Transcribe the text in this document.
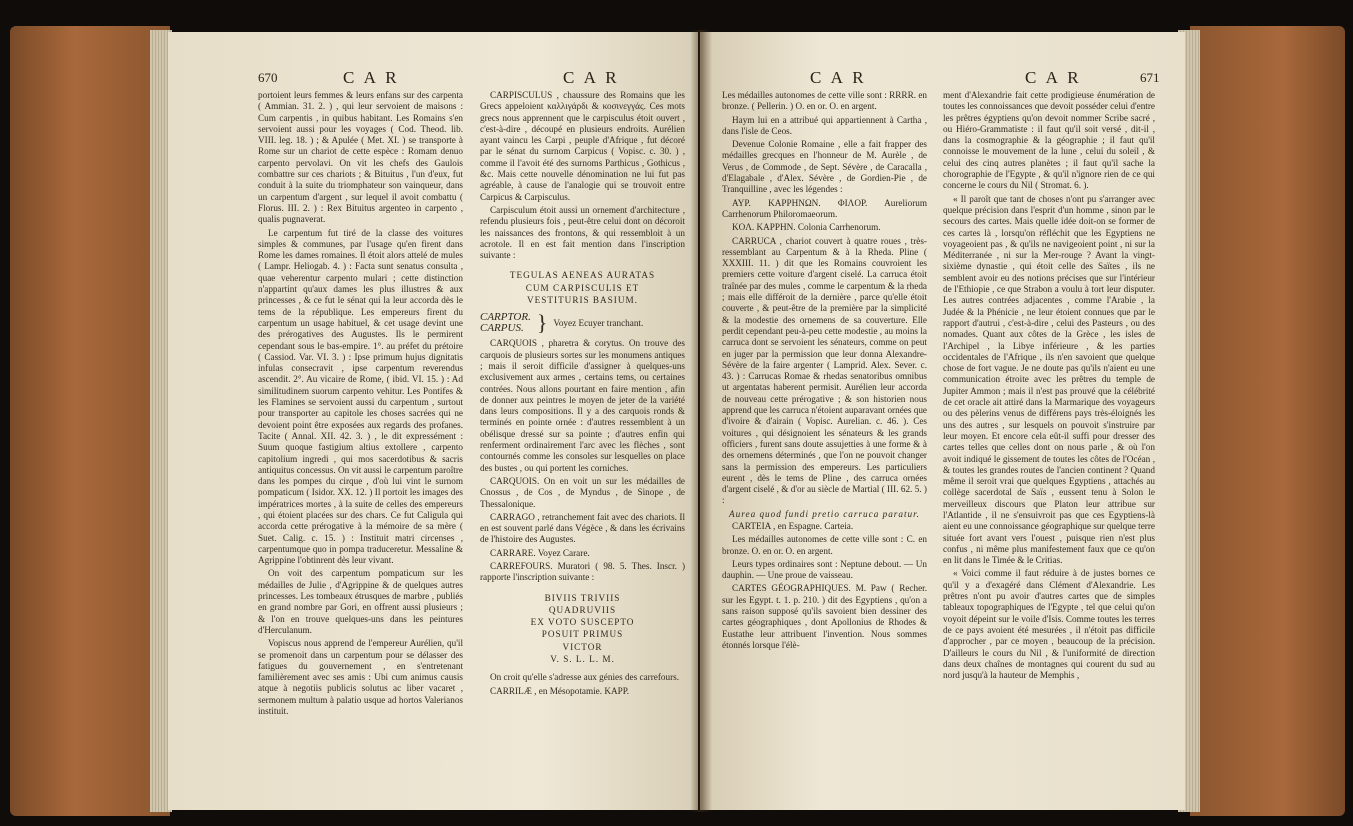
670	C A R	C A R

portoient leurs femmes & leurs enfans sur des carpenta ( Ammian. 31. 2. ) , qui leur servoient de maisons : Cum carpentis , in quibus habitant. Les Romains s'en servoient aussi pour les voyages ( Cod. Theod. lib. VIII. leg. 18. ) ; & Apulée ( Met. XI. ) se transporte à Rome sur un chariot de cette espèce : Romam denuo carpento pervolavi. On vit les chefs des Gaulois combattre sur ces chariots ; & Bituitus , l'un d'eux, fut conduit à la suite du triomphateur son vainqueur, dans un carpentum d'argent , sur lequel il avoit combattu ( Florus. III. 2. ) : Rex Bituitus argenteo in carpento , qualis pugnaverat.

Le carpentum fut tiré de la classe des voitures simples & communes, par l'usage qu'en firent dans Rome les dames romaines. Il étoit alors attelé de mules ( Lampr. Heliogab. 4. ) : Facta sunt senatus consulta , quae veherentur carpento mulari ; cette distinction n'appartint qu'aux dames les plus illustres & aux princesses , & ce fut le sénat qui la leur accorda dès le tems de la république. Les empereurs firent du carpentum un usage habituel, & cet usage devint une des prérogatives des Augustes. Ils le permirent cependant sous le bas-empire. 1°. au préfet du prétoire ( Cassiod. Var. VI. 3. ) : Ipse primum hujus dignitatis infulas consecravit , ipse carpentum reverendus ascendit. 2°. Au vicaire de Rome, ( ibid. VI. 15. ) : Ad similitudinem suorum carpento vehitur. Les Pontifes & les Flamines se servoient aussi du carpentum , surtout pour transporter au capitole les choses sacrées qui ne devoient point être exposées aux regards des profanes. Tacite ( Annal. XII. 42. 3. ) , le dit expressément : Suum quoque fastigium altius extollere , carpento capitolium ingredi , qui mos sacerdotibus & sacris antiquitus concessus. On vit aussi le carpentum paroître dans les pompes du cirque , d'où lui vint le surnom pompaticum ( Isidor. XX. 12. ) Il portoit les images des impératrices mortes , à la suite de celles des empereurs , qui étoient placées sur des chars. Ce fut Caligula qui accorda cette prérogative à la mémoire de sa mère ( Suet. Calig. c. 15. ) : Instituit matri circenses , carpentumque quo in pompa traduceretur. Messaline & Agrippine l'obtinrent dès leur vivant.

On voit des carpentum pompaticum sur les médailles de Julie , d'Agrippine & de quelques autres princesses. Les tombeaux étrusques de marbre , publiés en grand nombre par Gori, en offrent aussi plusieurs ; & l'on en trouve quelques-uns dans les peintures d'Herculanum.

Vopiscus nous apprend de l'empereur Aurélien, qu'il se promenoit dans un carpentum pour se délasser des fatigues du gouvernement , en s'entretenant familièrement avec ses amis : Ubi cum animus causis atque à negotiis publicis solutus ac liber vacaret , sermonem multum à palatio usque ad hortos Valerianos instituit.

CARPISCULUS , chaussure des Romains que les Grecs appeloient καλλιγάρδι & κοσινεγγάς. Ces mots grecs nous apprennent que le carpisculus étoit ouvert , c'est-à-dire , découpé en plusieurs endroits. Aurélien ayant vaincu les Carpi , peuple d'Afrique , fut décoré par le sénat du surnom Carpicus ( Vopisc. c. 30. ) , comme il l'avoit été des surnoms Parthicus , Gothicus , &c. Mais cette nouvelle dénomination ne lui fut pas agréable, à cause de l'analogie qui se trouvoit entre Carpicus & Carpisculus.

Carpisculum étoit aussi un ornement d'architecture , refendu plusieurs fois , peut-être celui dont on décoroit les naissances des frontons, & qui ressembloit à un acrotole. Il en est fait mention dans l'inscription suivante :

TEGULAS AENEAS AURATAS

CUM CARPISCULIS ET

VESTITURIS BASIUM.

CARPTOR.
CARPUS. } Voyez Ecuyer tranchant.

CARQUOIS , pharetra & corytus. On trouve des carquois de plusieurs sortes sur les monumens antiques ; mais il seroit difficile d'assigner à quelques-uns exclusivement aux armes , certains tems, ou certaines contrées. Nous allons pourtant en faire mention , afin de donner aux peintres le moyen de jeter de la variété dans leurs compositions. Il y a des carquois ronds & terminés en pointe ornée : d'autres ressemblent à un obélisque dressé sur sa pointe ; d'autres enfin qui renferment ordinairement l'arc avec les flèches , sont contournés comme les consoles sur lesquelles on place des bustes , ou qui portent les corniches.

CARQUOIS. On en voit un sur les médailles de Cnossus , de Cos , de Myndus , de Sinope , de Thessalonique.

CARRAGO , retranchement fait avec des chariots. Il en est souvent parlé dans Végèce , & dans les écrivains de l'histoire des Augustes.

CARRARE. Voyez Carare.

CARREFOURS. Muratori ( 98. 5. Thes. Inscr. ) rapporte l'inscription suivante :

BIVIIS TRIVIIS

QUADRUVIIS

EX VOTO SUSCEPTO

POSUIT PRIMUS

VICTOR

V. S. L. L. M.

On croit qu'elle s'adresse aux génies des carrefours.

CARRILÆ , en Mésopotamie. KAPP.

C A R	C A R	671

Les médailles autonomes de cette ville sont : RRRR. en bronze. ( Pellerin. ) O. en or. O. en argent.

Haym lui en a attribué qui appartiennent à Cartha , dans l'isle de Ceos.

Devenue Colonie Romaine , elle a fait frapper des médailles grecques en l'honneur de M. Aurèle , de Verus , de Commode , de Sept. Sévère , de Caracalla , d'Elagabale , d'Alex. Sévère , de Gordien-Pie , de Tranquilline , avec les légendes :

AYP. KAPPHNΩN. ΦIΛOP. Aureliorum Carrhenorum Philoromaeorum.

KOΛ. KAPPHN. Colonia Carrhenorum.

CARRUCA , chariot couvert à quatre roues , très-ressemblant au Carpentum & à la Rheda. Pline ( XXXIII. 11. ) dit que les Romains couvroient les premiers cette voiture d'argent ciselé. La carruca étoit traînée par des mules , comme le carpentum & la rheda ; mais elle différoit de la dernière , parce qu'elle étoit couverte , & peut-être de la première par la simplicité & la modestie des ornemens de sa couverture. Elle perdit cependant peu-à-peu cette modestie , au moins la carruca dont se servoient les sénateurs, comme on peut en juger par la permission que leur donna Alexandre-Sévère de la faire argenter ( Lamprid. Alex. Sever. c. 43. ) : Carrucas Romae & rhedas senatoribus omnibus ut argentatas haberent permisit. Aurélien leur accorda de nouveau cette prérogative ; & son historien nous apprend que les carruca n'étoient auparavant ornées que d'ivoire & d'airain ( Vopisc. Aurelian. c. 46. ). Ces voitures , qui désignoient les sénateurs & les grands officiers , furent sans doute assujetties à une forme & à des ornemens déterminés , que l'on ne pouvoit changer sans la permission des empereurs. Les particuliers eurent , dès le tems de Pline , des carruca ornées d'argent ciselé , & d'or au siècle de Martial ( III. 62. 5. ) :

Aurea quod fundi pretio carruca paratur.

CARTEIA , en Espagne. Carteia.

Les médailles autonomes de cette ville sont : C. en bronze. O. en or. O. en argent.

Leurs types ordinaires sont : Neptune debout. — Un dauphin. — Une proue de vaisseau.

CARTES GÉOGRAPHIQUES. M. Paw ( Recher. sur les Egypt. t. 1. p. 210. ) dit des Egyptiens , qu'on a sans raison supposé qu'ils savoient bien dessiner des cartes géographiques , dont Apollonius de Rhodes & Eustathe leur attribuent l'invention. Nous sommes étonnés lorsque l'élè-

ment d'Alexandrie fait cette prodigieuse énumération de toutes les connoissances que devoit posséder celui d'entre les prêtres égyptiens qu'on devoit nommer Scribe sacré , ou Hiéro-Grammatiste : il faut qu'il soit versé , dit-il , dans la cosmographie & la géographie ; il faut qu'il connoisse le mouvement de la lune , celui du soleil , & celui des cinq autres planètes ; il faut qu'il sache la chorographie de l'Egypte , & qu'il n'ignore rien de ce qui concerne le cours du Nil ( Stromat. 6. ).

« Il paroît que tant de choses n'ont pu s'arranger avec quelque précision dans l'esprit d'un homme , sinon par le secours des cartes. Mais quelle idée doit-on se former de ces cartes là , lorsqu'on réfléchit que les Egyptiens ne voyageoient pas , & qu'ils ne navigeoient point , ni sur la Méditerranée , ni sur la Mer-rouge ? Avant la vingt-sixième dynastie , qui étoit celle des Saïtes , ils ne semblent avoir eu des notions précises que sur l'intérieur de l'Ethiopie , ce que Strabon a voulu à tort leur disputer. Les autres contrées adjacentes , comme l'Arabie , la Judée & la Phénicie , ne leur étoient connues que par le rapport d'autrui , c'est-à-dire , celui des Pasteurs , ou des nomades. Quant aux côtes de la Grèce , les isles de l'Archipel , la Libye inférieure , & les parties occidentales de l'Afrique , ils n'en savoient que quelque chose de fort vague. Je ne doute pas qu'ils n'aient eu une communication étroite avec les prêtres du temple de Jupiter Ammon ; mais il n'est pas prouvé que la célébrité de cet oracle ait attiré dans la Marmarique des voyageurs ou des pèlerins venus de différens pays très-éloignés les uns des autres , sur lesquels on pouvoit s'instruire par leur moyen. Et encore cela eût-il suffi pour dresser des cartes telles que celles dont on nous parle , & où l'on avoit indiqué le gissement de toutes les côtes de l'Océan , & toutes les grandes routes de l'ancien continent ? Quand même il seroit vrai que quelques Egyptiens , attachés au collège sacerdotal de Saïs , eussent tenu à Solon le merveilleux discours que Platon leur attribue sur l'Atlantide , il ne s'ensuivroit pas que ces Egyptiens-là aient eu une connoissance géographique sur quelque terre située fort avant vers l'ouest , puisque rien n'est plus confus , ni même plus manifestement faux que ce qu'on en lit dans le Timée & le Critias.

« Voici comme il faut réduire à de justes bornes ce qu'il y a d'exagéré dans Clément d'Alexandrie. Les prêtres n'ont pu avoir d'autres cartes que de simples tableaux topographiques de l'Egypte , tel que celui qu'on voyoit dépeint sur le voile d'Isis. Comme toutes les terres de ce pays avoient été mesurées , il n'étoit pas difficile d'approcher , par ce moyen , beaucoup de la précision. D'ailleurs le cours du Nil , & l'uniformité de direction dans deux chaînes de montagnes qui courent du sud au nord jusqu'à la hauteur de Memphis ,
